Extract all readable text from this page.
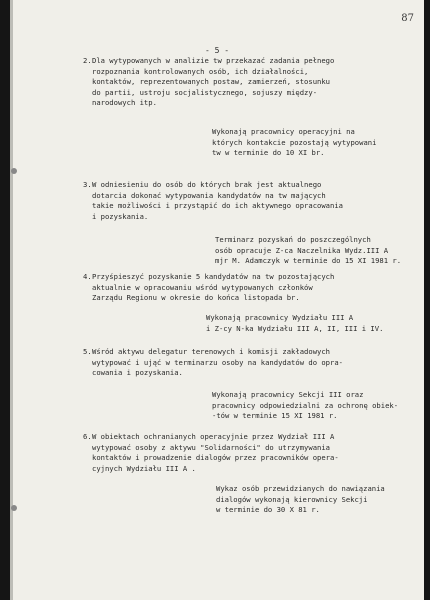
87
- 5 -
2. Dla wytypowanych w analizie tw przekazać zadania pełnego
rozpoznania kontrolowanych osób, ich działalności,
kontaktów, reprezentowanych postaw, zamierzeń, stosunku
do partii, ustroju socjalistycznego, sojuszy między-
narodowych itp.
Wykonają pracownicy operacyjni na
których kontakcie pozostają wytypowani
tw w terminie do 10 XI br.
3. W odniesieniu do osób do których brak jest aktualnego
dotarcia dokonać wytypowania kandydatów na tw mających
takie możliwości i przystąpić do ich aktywnego opracowania
i pozyskania.
Terminarz pozyskań do poszczególnych
osób opracuje Z-ca Naczelnika Wydz.III A
mjr M. Adamczyk w terminie do 15 XI 1981 r.
4. Przyśpieszyć pozyskanie 5 kandydatów na tw pozostających
aktualnie w opracowaniu wśród wytypowanych członków
Zarządu Regionu w okresie do końca listopada br.
Wykonają pracownicy Wydziału III A
i Z-cy N-ka Wydziału III A, II, III i IV.
5. Wśród aktywu delegatur terenowych i komisji zakładowych
wytypować i ująć w terminarzu osoby na kandydatów do opra-
cowania i pozyskania.
Wykonają pracownicy Sekcji III oraz
pracownicy odpowiedzialni za ochronę obiek-
-tów w terminie 15 XI 1981 r.
6. W obiektach ochranianych operacyjnie przez Wydział III A
wytypować osoby z aktywu "Solidarności" do utrzymywania
kontaktów i prowadzenie dialogów przez pracowników opera-
cyjnych Wydziału III A .
Wykaz osób przewidzianych do nawiązania
dialogów wykonają kierownicy Sekcji
w terminie do 30 X 81 r.
